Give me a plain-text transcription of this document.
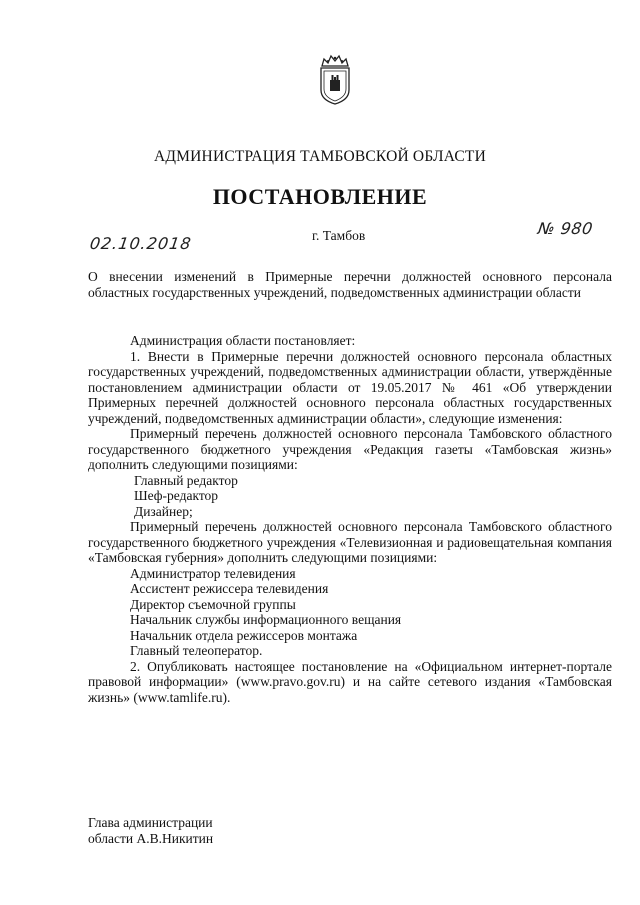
АДМИНИСТРАЦИЯ ТАМБОВСКОЙ ОБЛАСТИ
ПОСТАНОВЛЕНИЕ
г. Тамбов
02.10.2018
№ 980
О внесении изменений в Примерные перечни должностей основного персонала областных государственных учреждений, подведомственных администрации области

Администрация области постановляет:

1. Внести в Примерные перечни должностей основного персонала областных государственных учреждений, подведомственных администрации области, утверждённые постановлением администрации области от 19.05.2017 № 461 «Об утверждении Примерных перечней должностей основного персонала областных государственных учреждений, подведомственных администрации области», следующие изменения:

Примерный перечень должностей основного персонала Тамбовского областного государственного бюджетного учреждения «Редакция газеты «Тамбовская жизнь» дополнить следующими позициями:

Главный редактор

Шеф-редактор

Дизайнер;

Примерный перечень должностей основного персонала Тамбовского областного государственного бюджетного учреждения «Телевизионная и радиовещательная компания «Тамбовская губерния» дополнить следующими позициями:

Администратор телевидения

Ассистент режиссера телевидения

Директор съемочной группы

Начальник службы информационного вещания

Начальник отдела режиссеров монтажа

Главный телеоператор.

2. Опубликовать настоящее постановление на «Официальном интернет-портале правовой информации» (www.pravo.gov.ru) и на сайте сетевого издания «Тамбовская жизнь» (www.tamlife.ru).

Глава администрации
области А.В.Никитин
